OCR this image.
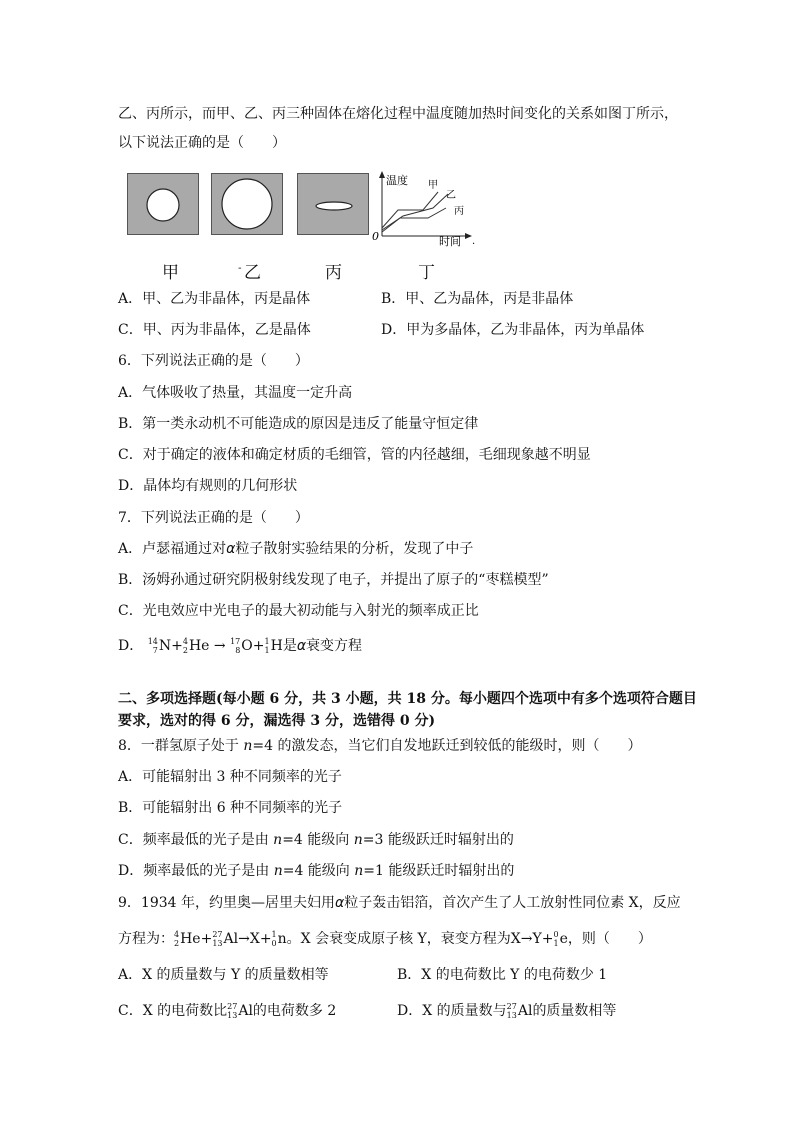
乙、丙所示，而甲、乙、丙三种固体在熔化过程中温度随加热时间变化的关系如图丁所示，
以下说法正确的是（　　）
温度
时间
0
甲
乙
丙
.
甲	- 乙	丙	丁
A．甲、乙为非晶体，丙是晶体	B．甲、乙为晶体，丙是非晶体
C．甲、丙为非晶体，乙是晶体	D．甲为多晶体，乙为非晶体，丙为单晶体
6．下列说法正确的是（　　）
A．气体吸收了热量，其温度一定升高
B．第一类永动机不可能造成的原因是违反了能量守恒定律
C．对于确定的液体和确定材质的毛细管，管的内径越细，毛细现象越不明显
D．晶体均有规则的几何形状
7．下列说法正确的是（　　）
A．卢瑟福通过对α粒子散射实验结果的分析，发现了中子
B．汤姆孙通过研究阴极射线发现了电子，并提出了原子的“枣糕模型”
C．光电效应中光电子的最大初动能与入射光的频率成正比
D． 14
7 N+ 4
2 He → 17
8 O+ 1
1 H是α衰变方程
二、多项选择题(每小题 6 分，共 3 小题，共 18 分。每小题四个选项中有多个选项符合题目
要求，选对的得 6 分，漏选得 3 分，选错得 0 分)
8．一群氢原子处于 n=4 的激发态，当它们自发地跃迁到较低的能级时，则（　　）
A．可能辐射出 3 种不同频率的光子
B．可能辐射出 6 种不同频率的光子
C．频率最低的光子是由 n=4 能级向 n=3 能级跃迁时辐射出的
D．频率最低的光子是由 n=4 能级向 n=1 能级跃迁时辐射出的
9．1934 年，约里奥—居里夫妇用α粒子轰击铝箔，首次产生了人工放射性同位素 X，反应
方程为： 4
2 He+ 27
13 Al→X+ 1
0 n。X 会衰变成原子核 Y，衰变方程为X→Y+ 0
1 e，则（　　）
A．X 的质量数与 Y 的质量数相等	B．X 的电荷数比 Y 的电荷数少 1
C．X 的电荷数比 27
13 Al的电荷数多 2	D．X 的质量数与 27
13 Al的质量数相等
